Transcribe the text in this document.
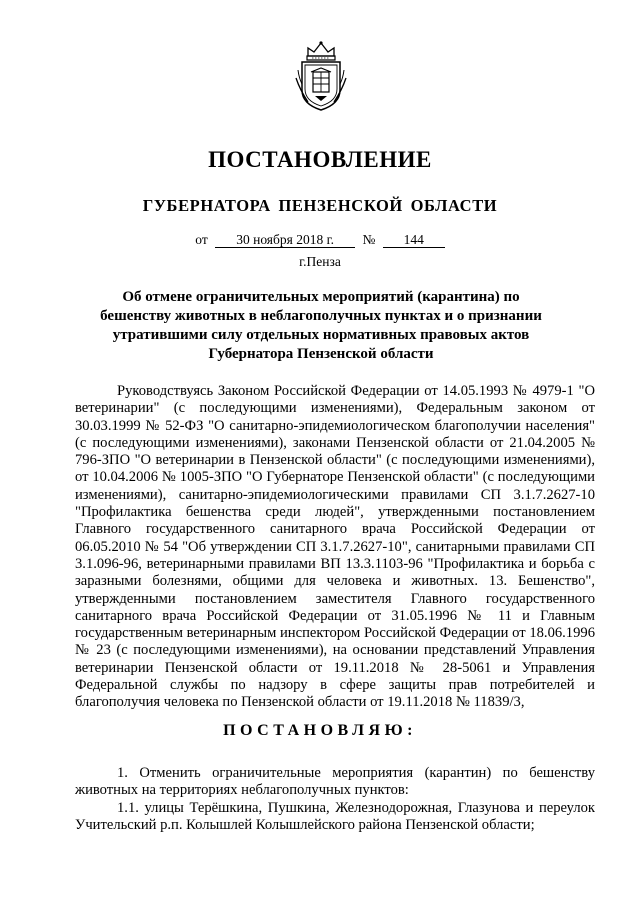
ПОСТАНОВЛЕНИЕ
ГУБЕРНАТОРА ПЕНЗЕНСКОЙ ОБЛАСТИ
от 30 ноября 2018 г. № 144
г.Пенза
Об отмене ограничительных мероприятий (карантина) по бешенству животных в неблагополучных пунктах и о признании утратившими силу отдельных нормативных правовых актов Губернатора Пензенской области

Руководствуясь Законом Российской Федерации от 14.05.1993 № 4979-1 "О ветеринарии" (с последующими изменениями), Федеральным законом от 30.03.1999 № 52-ФЗ "О санитарно-эпидемиологическом благополучии населения" (с последующими изменениями), законами Пензенской области от 21.04.2005 № 796-ЗПО "О ветеринарии в Пензенской области" (с последующими изменениями), от 10.04.2006 № 1005-ЗПО "О Губернаторе Пензенской области" (с последующими изменениями), санитарно-эпидемиологическими правилами СП 3.1.7.2627-10 "Профилактика бешенства среди людей", утвержденными постановлением Главного государственного санитарного врача Российской Федерации от 06.05.2010 № 54 "Об утверждении СП 3.1.7.2627-10", санитарными правилами СП 3.1.096-96, ветеринарными правилами ВП 13.3.1103-96 "Профилактика и борьба с заразными болезнями, общими для человека и животных. 13. Бешенство", утвержденными постановлением заместителя Главного государственного санитарного врача Российской Федерации от 31.05.1996 № 11 и Главным государственным ветеринарным инспектором Российской Федерации от 18.06.1996 № 23 (с последующими изменениями), на основании представлений Управления ветеринарии Пензенской области от 19.11.2018 № 28-5061 и Управления Федеральной службы по надзору в сфере защиты прав потребителей и благополучия человека по Пензенской области от 19.11.2018 № 11839/3,

ПОСТАНОВЛЯЮ:

1. Отменить ограничительные мероприятия (карантин) по бешенству животных на территориях неблагополучных пунктов:

1.1. улицы Терёшкина, Пушкина, Железнодорожная, Глазунова и переулок Учительский р.п. Колышлей Колышлейского района Пензенской области;
